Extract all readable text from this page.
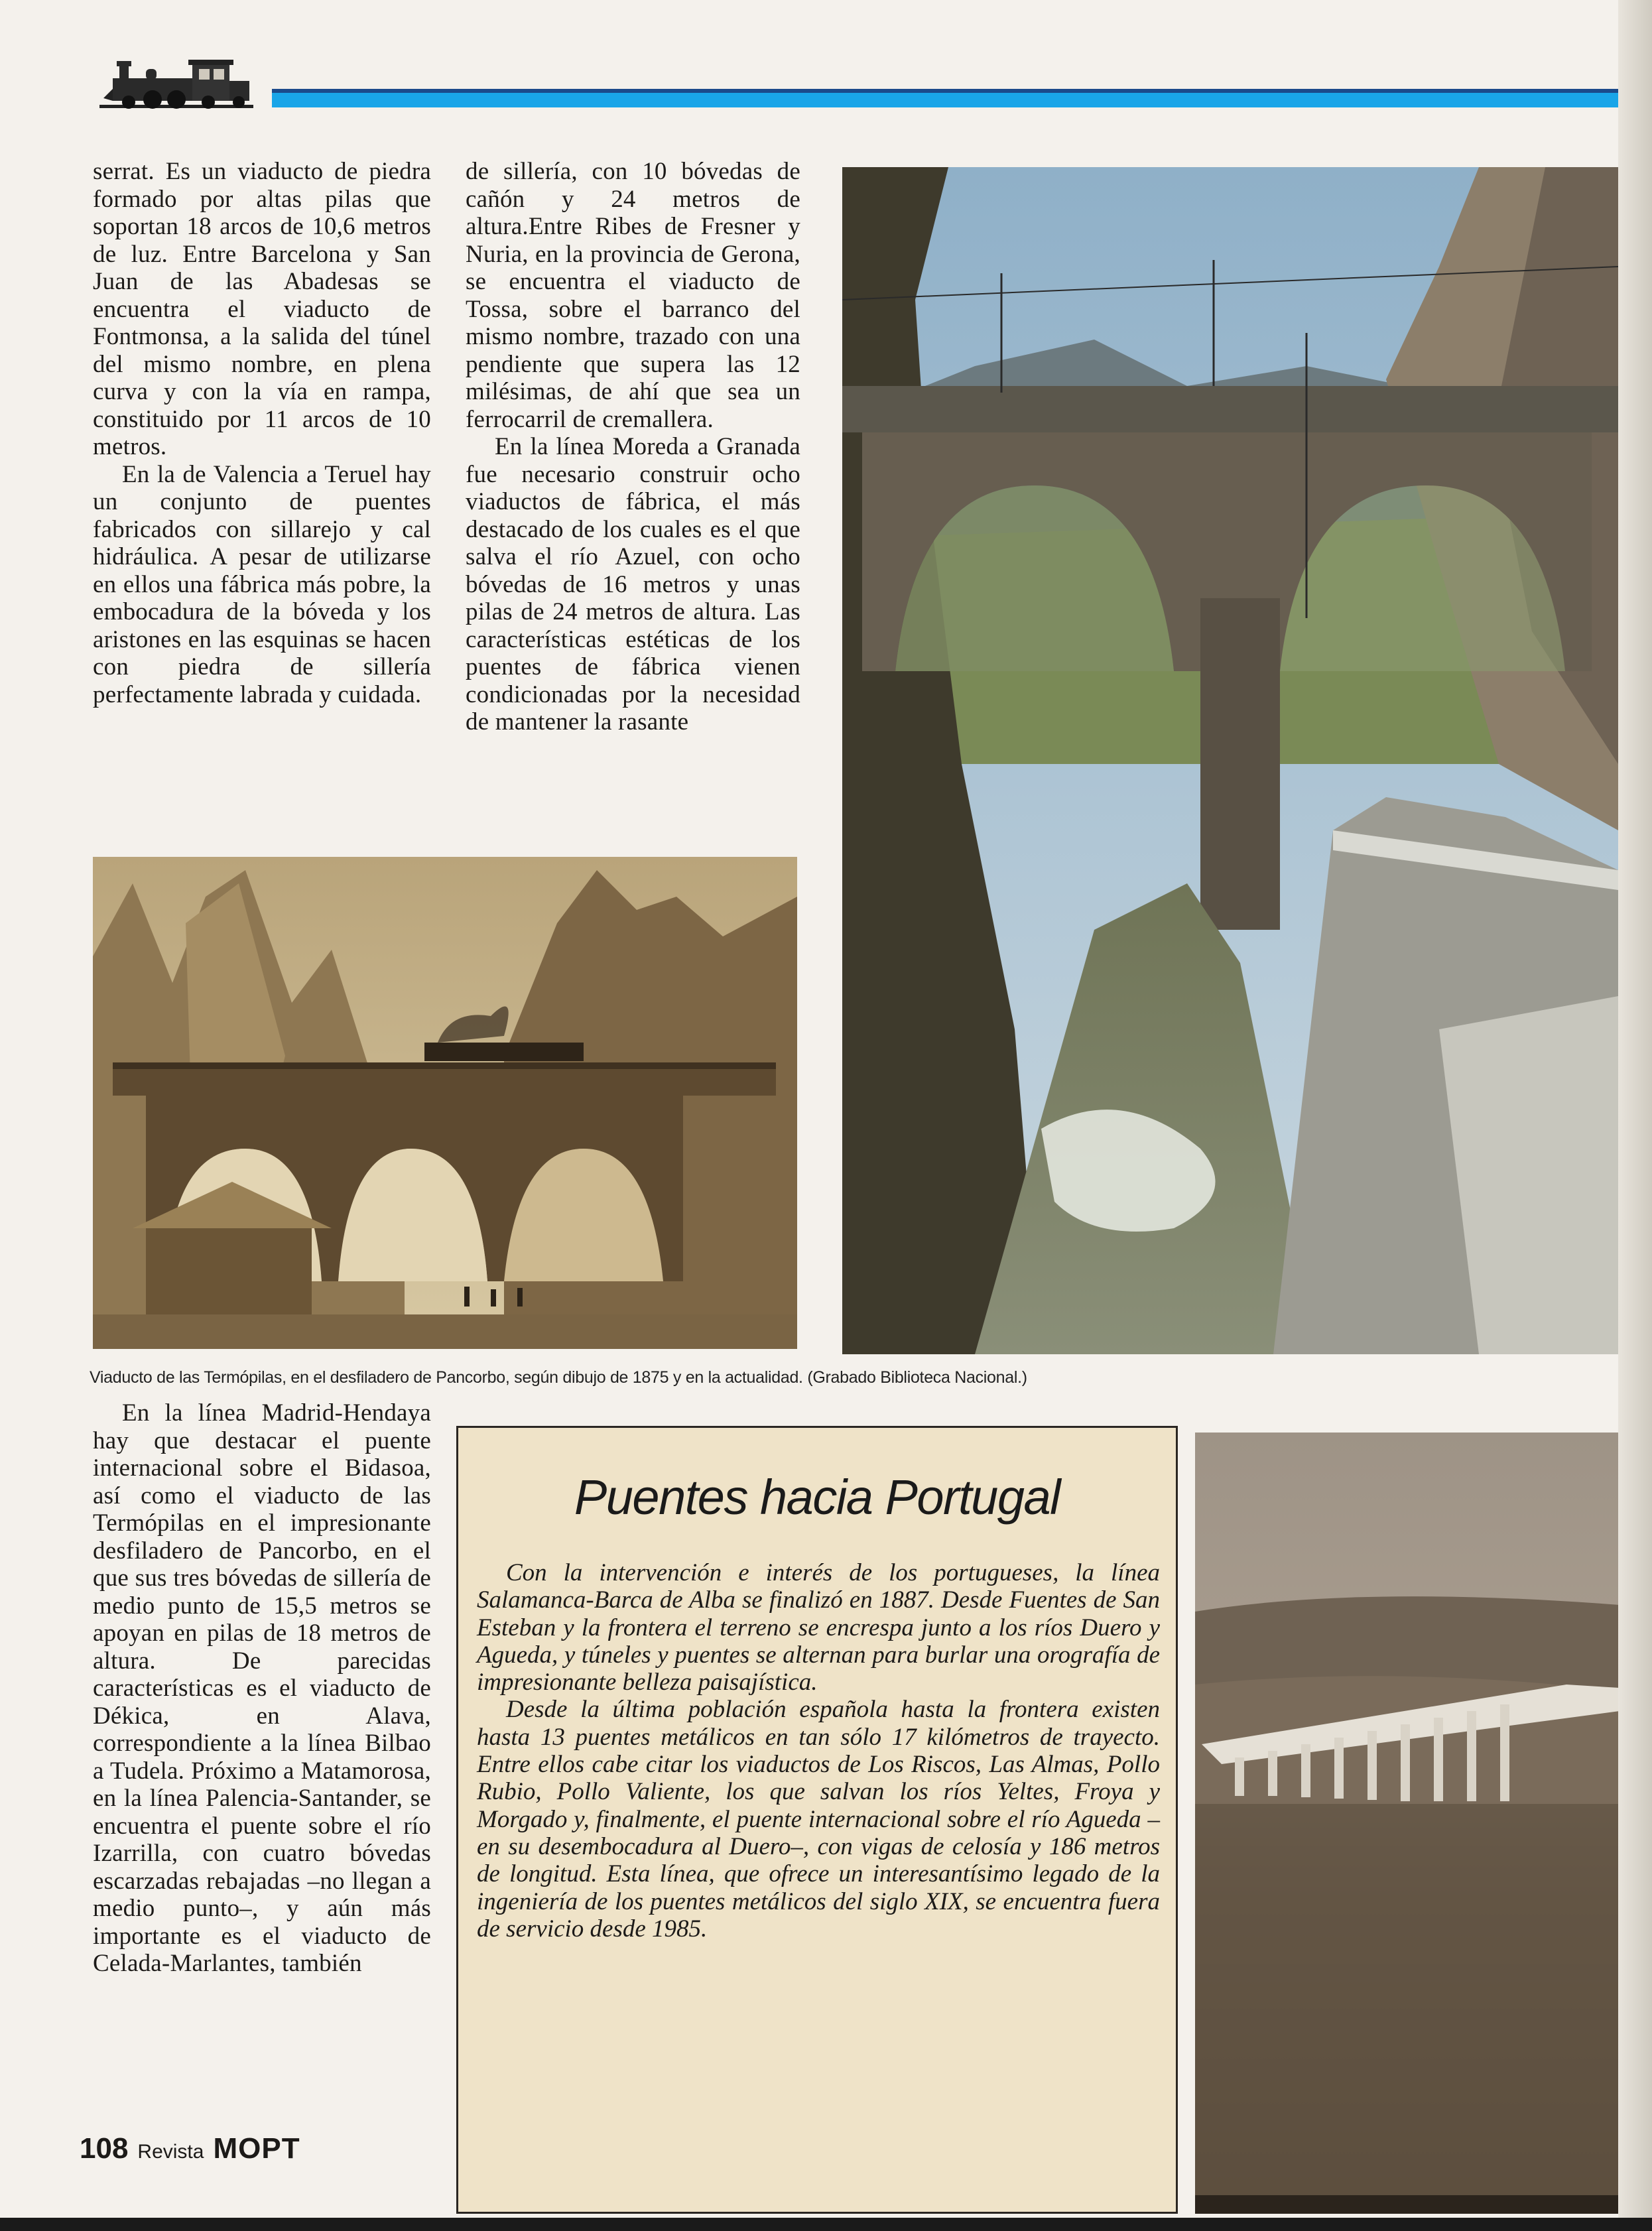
serrat. Es un viaducto de piedra formado por altas pilas que soportan 18 arcos de 10,6 metros de luz. Entre Barcelona y San Juan de las Abadesas se encuentra el viaducto de Fontmonsa, a la salida del túnel del mismo nombre, en plena curva y con la vía en rampa, constituido por 11 arcos de 10 metros.

En la de Valencia a Teruel hay un conjunto de puentes fabricados con sillarejo y cal hidráulica. A pesar de utilizarse en ellos una fábrica más pobre, la embocadura de la bóveda y los aristones en las esquinas se hacen con piedra de sillería perfectamente labrada y cuidada.

de sillería, con 10 bóvedas de cañón y 24 metros de altura.Entre Ribes de Fresner y Nuria, en la provincia de Gerona, se encuentra el viaducto de Tossa, sobre el barranco del mismo nombre, trazado con una pendiente que supera las 12 milésimas, de ahí que sea un ferrocarril de cremallera.

En la línea Moreda a Granada fue necesario construir ocho viaductos de fábrica, el más destacado de los cuales es el que salva el río Azuel, con ocho bóvedas de 16 metros y unas pilas de 24 metros de altura. Las características estéticas de los puentes de fábrica vienen condicionadas por la necesidad de mantener la rasante

Viaducto de las Termópilas, en el desfiladero de Pancorbo, según dibujo de 1875 y en la actualidad. (Grabado Biblioteca Nacional.)

En la línea Madrid-Hendaya hay que destacar el puente internacional sobre el Bidasoa, así como el viaducto de las Termópilas en el impresionante desfiladero de Pancorbo, en el que sus tres bóvedas de sillería de medio punto de 15,5 metros se apoyan en pilas de 18 metros de altura. De parecidas características es el viaducto de Dékica, en Alava, correspondiente a la línea Bilbao a Tudela. Próximo a Matamorosa, en la línea Palencia-Santander, se encuentra el puente sobre el río Izarrilla, con cuatro bóvedas escarzadas rebajadas –no llegan a medio punto–, y aún más importante es el viaducto de Celada-Marlantes, también

Puentes hacia Portugal

Con la intervención e interés de los portugueses, la línea Salamanca-Barca de Alba se finalizó en 1887. Desde Fuentes de San Esteban y la frontera el terreno se encrespa junto a los ríos Duero y Agueda, y túneles y puentes se alternan para burlar una orografía de impresionante belleza paisajística.

Desde la última población española hasta la frontera existen hasta 13 puentes metálicos en tan sólo 17 kilómetros de trayecto. Entre ellos cabe citar los viaductos de Los Riscos, Las Almas, Pollo Rubio, Pollo Valiente, los que salvan los ríos Yeltes, Froya y Morgado y, finalmente, el puente internacional sobre el río Agueda –en su desembocadura al Duero–, con vigas de celosía y 186 metros de longitud. Esta línea, que ofrece un interesantísimo legado de la ingeniería de los puentes metálicos del siglo XIX, se encuentra fuera de servicio desde 1985.

108 Revista MOPT
